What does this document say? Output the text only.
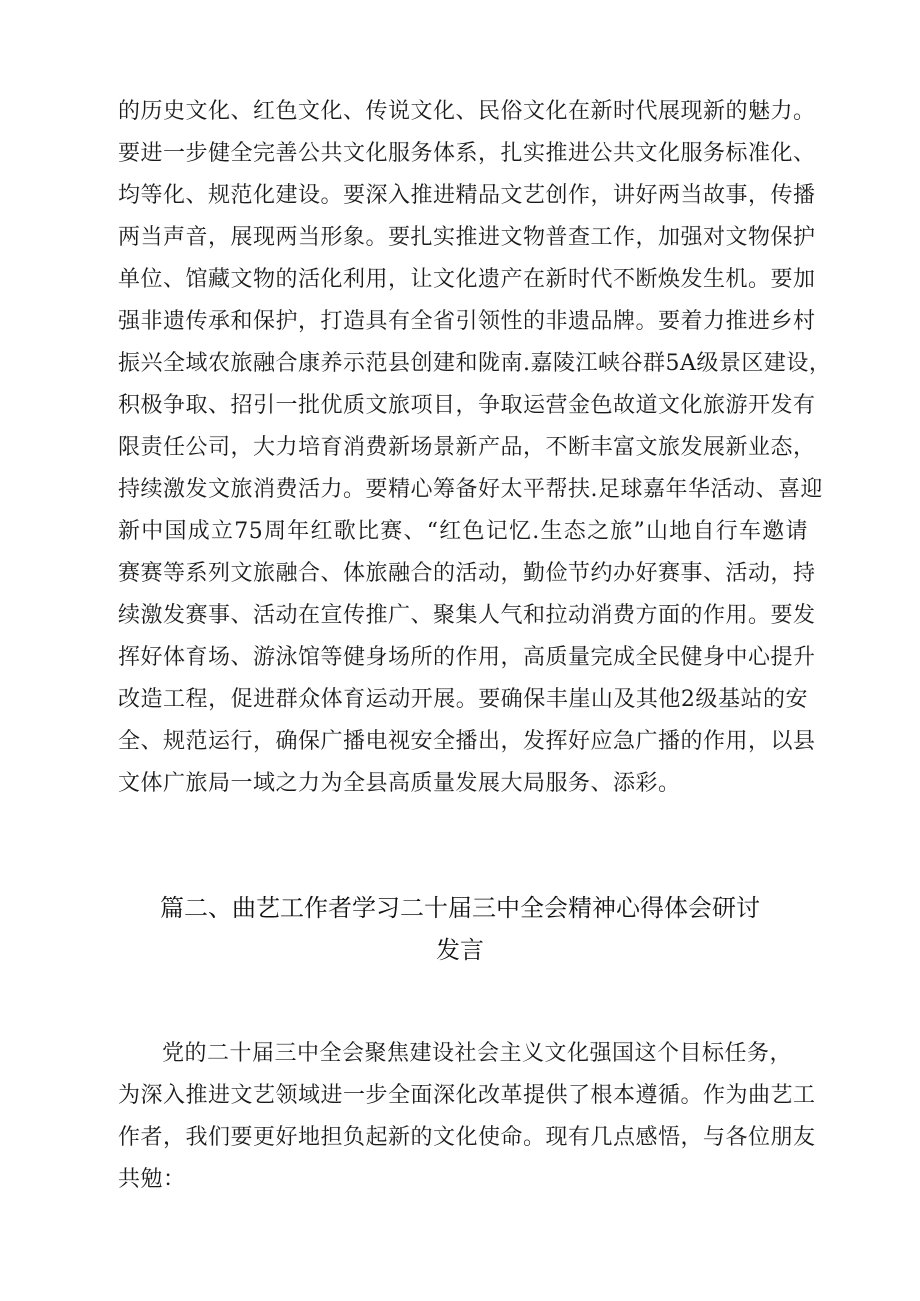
的历史文化、红色文化、传说文化、民俗文化在新时代展现新的魅力。
要进一步健全完善公共文化服务体系，扎实推进公共文化服务标准化、
均等化、规范化建设。要深入推进精品文艺创作，讲好两当故事，传播
两当声音，展现两当形象。要扎实推进文物普查工作，加强对文物保护
单位、馆藏文物的活化利用，让文化遗产在新时代不断焕发生机。要加
强非遗传承和保护，打造具有全省引领性的非遗品牌。要着力推进乡村
振兴全域农旅融合康养示范县创建和陇南.嘉陵江峡谷群5A级景区建设，
积极争取、招引一批优质文旅项目，争取运营金色故道文化旅游开发有
限责任公司，大力培育消费新场景新产品，不断丰富文旅发展新业态，
持续激发文旅消费活力。要精心筹备好太平帮扶.足球嘉年华活动、喜迎
新中国成立75周年红歌比赛、“红色记忆.生态之旅”山地自行车邀请
赛赛等系列文旅融合、体旅融合的活动，勤俭节约办好赛事、活动，持
续激发赛事、活动在宣传推广、聚集人气和拉动消费方面的作用。要发
挥好体育场、游泳馆等健身场所的作用，高质量完成全民健身中心提升
改造工程，促进群众体育运动开展。要确保丰崖山及其他2级基站的安
全、规范运行，确保广播电视安全播出，发挥好应急广播的作用，以县
文体广旅局一域之力为全县高质量发展大局服务、添彩。
篇二、曲艺工作者学习二十届三中全会精神心得体会研讨
发言
党的二十届三中全会聚焦建设社会主义文化强国这个目标任务，
为深入推进文艺领域进一步全面深化改革提供了根本遵循。作为曲艺工
作者，我们要更好地担负起新的文化使命。现有几点感悟，与各位朋友
共勉：
